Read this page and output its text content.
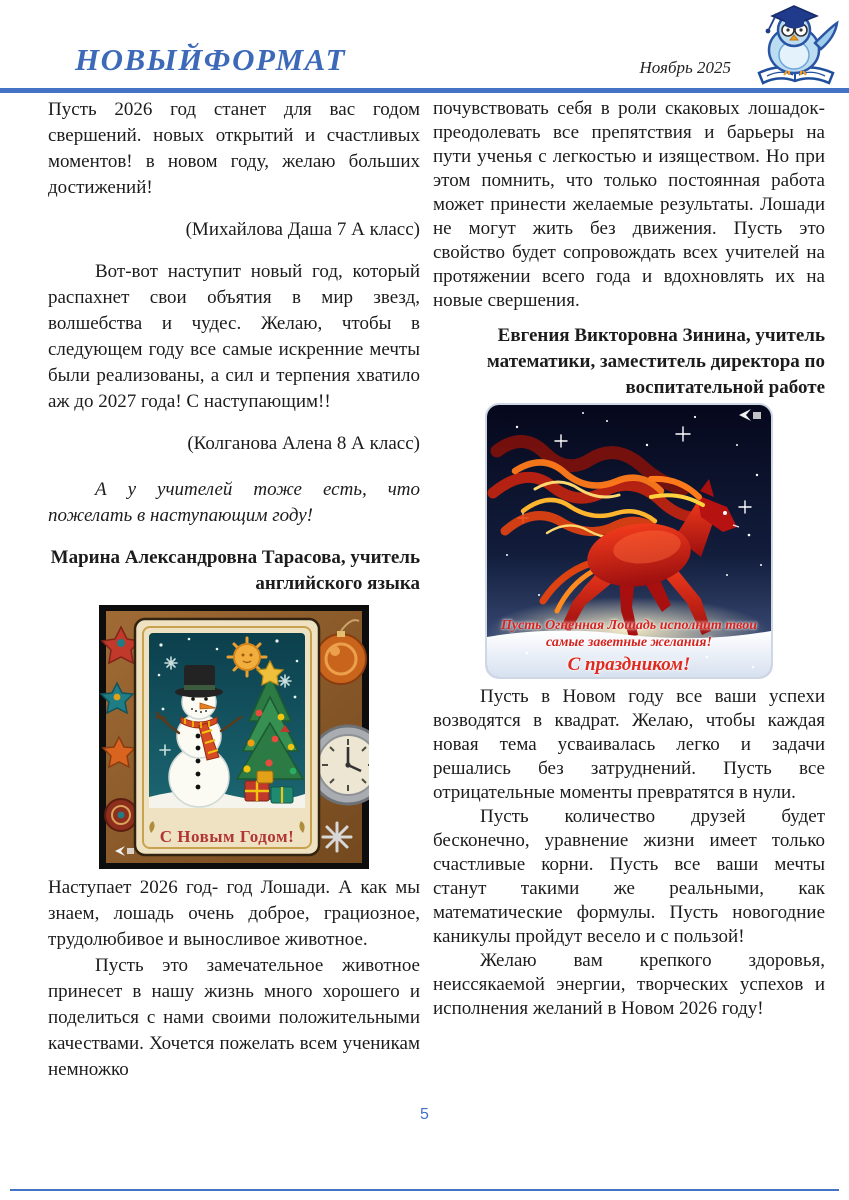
НОВЫЙФОРМАТ	Ноябрь 2025

Пусть 2026 год станет для вас годом свершений. новых открытий и счастливых моментов! в новом году, желаю больших достижений!

(Михайлова Даша 7 А класс)

Вот-вот наступит новый год, который распахнет свои объятия в мир звезд, волшебства и чудес. Желаю, чтобы в следующем году все самые искренние мечты были реализованы, а сил и терпения хватило аж до 2027 года! С наступающим!!

(Колганова Алена 8 А класс)

А у учителей тоже есть, что пожелать в наступающим году!

Марина Александровна Тарасова, учитель английского языка

С Новым Годом!

Наступает 2026 год- год Лошади. А как мы знаем, лошадь очень доброе, грациозное, трудолюбивое и выносливое животное.

Пусть это замечательное животное принесет в нашу жизнь много хорошего и поделиться с нами своими положительными качествами. Хочется пожелать всем ученикам немножко

почувствовать себя в роли скаковых лошадок- преодолевать все препятствия и барьеры на пути ученья с легкостью и изяществом. Но при этом помнить, что только постоянная работа может принести желаемые результаты. Лошади не могут жить без движения. Пусть это свойство будет сопровождать всех учителей на протяжении всего года и вдохновлять их на новые свершения.

Евгения Викторовна Зинина, учитель математики, заместитель директора по воспитательной работе

Пусть Огненная Лошадь исполнит твои
самые заветные желания!
С праздником!

Пусть в Новом году все ваши успехи возводятся в квадрат. Желаю, чтобы каждая новая тема усваивалась легко и задачи решались без затруднений. Пусть все отрицательные моменты превратятся в нули.

Пусть количество друзей будет бесконечно, уравнение жизни имеет только счастливые корни. Пусть все ваши мечты станут такими же реальными, как математические формулы. Пусть новогодние каникулы пройдут весело и с пользой!

Желаю вам крепкого здоровья, неиссякаемой энергии, творческих успехов и исполнения желаний в Новом 2026 году!

5
